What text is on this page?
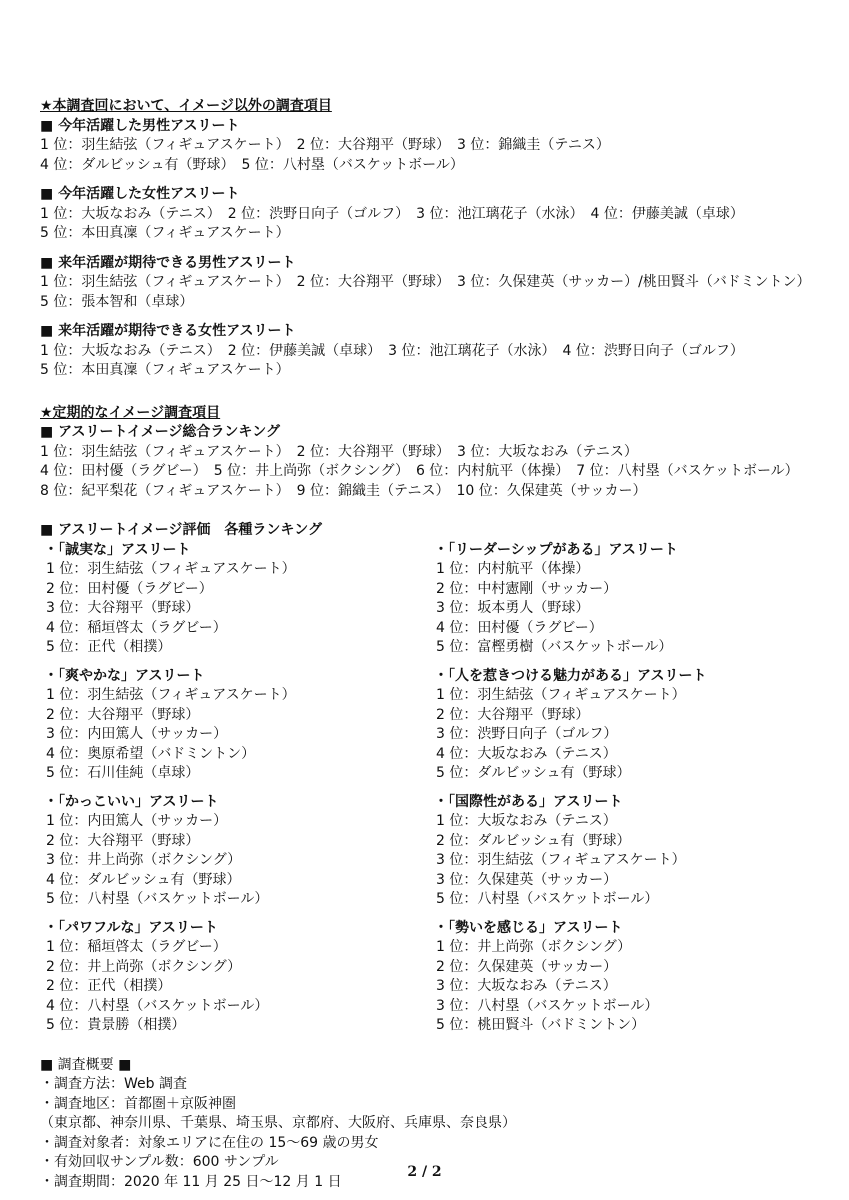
★本調査回において、イメージ以外の調査項目
■ 今年活躍した男性アスリート
1 位：羽生結弦（フィギュアスケート）　2 位：大谷翔平（野球）　3 位：錦織圭（テニス）
4 位：ダルビッシュ有（野球）　5 位：八村塁（バスケットボール）
■ 今年活躍した女性アスリート
1 位：大坂なおみ（テニス）　2 位：渋野日向子（ゴルフ）　3 位：池江璃花子（水泳）　4 位：伊藤美誠（卓球）
5 位：本田真凜（フィギュアスケート）
■ 来年活躍が期待できる男性アスリート
1 位：羽生結弦（フィギュアスケート）　2 位：大谷翔平（野球）　3 位：久保建英（サッカー）/桃田賢斗（バドミントン）
5 位：張本智和（卓球）
■ 来年活躍が期待できる女性アスリート
1 位：大坂なおみ（テニス）　2 位：伊藤美誠（卓球）　3 位：池江璃花子（水泳）　4 位：渋野日向子（ゴルフ）
5 位：本田真凜（フィギュアスケート）
★定期的なイメージ調査項目
■ アスリートイメージ総合ランキング
1 位：羽生結弦（フィギュアスケート）　2 位：大谷翔平（野球）　3 位：大坂なおみ（テニス）
4 位：田村優（ラグビー）　5 位：井上尚弥（ボクシング）　6 位：内村航平（体操）　7 位：八村塁（バスケットボール）
8 位：紀平梨花（フィギュアスケート）　9 位：錦織圭（テニス）　10 位：久保建英（サッカー）
■ アスリートイメージ評価　各種ランキング
・「誠実な」アスリート
1 位：羽生結弦（フィギュアスケート）
2 位：田村優（ラグビー）
3 位：大谷翔平（野球）
4 位：稲垣啓太（ラグビー）
5 位：正代（相撲）
・「爽やかな」アスリート
1 位：羽生結弦（フィギュアスケート）
2 位：大谷翔平（野球）
3 位：内田篤人（サッカー）
4 位：奥原希望（バドミントン）
5 位：石川佳純（卓球）
・「かっこいい」アスリート
1 位：内田篤人（サッカー）
2 位：大谷翔平（野球）
3 位：井上尚弥（ボクシング）
4 位：ダルビッシュ有（野球）
5 位：八村塁（バスケットボール）
・「パワフルな」アスリート
1 位：稲垣啓太（ラグビー）
2 位：井上尚弥（ボクシング）
2 位：正代（相撲）
4 位：八村塁（バスケットボール）
5 位：貴景勝（相撲）
・「リーダーシップがある」アスリート
1 位：内村航平（体操）
2 位：中村憲剛（サッカー）
3 位：坂本勇人（野球）
4 位：田村優（ラグビー）
5 位：富樫勇樹（バスケットボール）
・「人を惹きつける魅力がある」アスリート
1 位：羽生結弦（フィギュアスケート）
2 位：大谷翔平（野球）
3 位：渋野日向子（ゴルフ）
4 位：大坂なおみ（テニス）
5 位：ダルビッシュ有（野球）
・「国際性がある」アスリート
1 位：大坂なおみ（テニス）
2 位：ダルビッシュ有（野球）
3 位：羽生結弦（フィギュアスケート）
3 位：久保建英（サッカー）
5 位：八村塁（バスケットボール）
・「勢いを感じる」アスリート
1 位：井上尚弥（ボクシング）
2 位：久保建英（サッカー）
3 位：大坂なおみ（テニス）
3 位：八村塁（バスケットボール）
5 位：桃田賢斗（バドミントン）
■ 調査概要 ■
・調査方法：Web 調査
・調査地区：首都圏＋京阪神圏
（東京都、神奈川県、千葉県、埼玉県、京都府、大阪府、兵庫県、奈良県）
・調査対象者：対象エリアに在住の 15～69 歳の男女
・有効回収サンプル数：600 サンプル
・調査期間：2020 年 11 月 25 日～12 月 1 日
2 / 2
